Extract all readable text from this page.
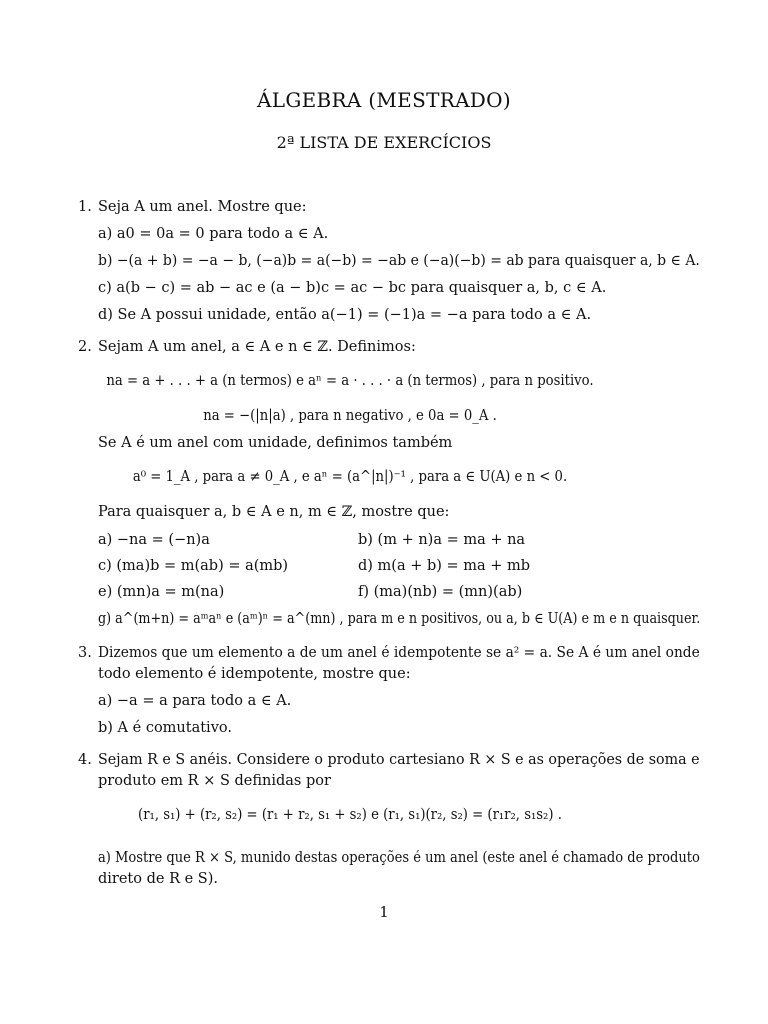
ÁLGEBRA (MESTRADO)
2ª LISTA DE EXERCÍCIOS
1. Seja A um anel. Mostre que:
a) a0 = 0a = 0 para todo a ∈ A.
b) −(a + b) = −a − b, (−a)b = a(−b) = −ab e (−a)(−b) = ab para quaisquer a, b ∈ A.
c) a(b − c) = ab − ac e (a − b)c = ac − bc para quaisquer a, b, c ∈ A.
d) Se A possui unidade, então a(−1) = (−1)a = −a para todo a ∈ A.
2. Sejam A um anel, a ∈ A e n ∈ ℤ. Definimos:
na = a + . . . + a (n termos) e aⁿ = a · . . . · a (n termos) , para n positivo.
na = −(|n|a) , para n negativo , e 0a = 0_A .
Se A é um anel com unidade, definimos também
a⁰ = 1_A , para a ≠ 0_A , e aⁿ = (a^|n|)⁻¹ , para a ∈ U(A) e n < 0.
Para quaisquer a, b ∈ A e n, m ∈ ℤ, mostre que:
a) −na = (−n)a	b) (m + n)a = ma + na
c) (ma)b = m(ab) = a(mb)	d) m(a + b) = ma + mb
e) (mn)a = m(na)	f) (ma)(nb) = (mn)(ab)
g) a^(m+n) = aᵐaⁿ e (aᵐ)ⁿ = a^(mn) , para m e n positivos, ou a, b ∈ U(A) e m e n quaisquer.
3. Dizemos que um elemento a de um anel é idempotente se a² = a. Se A é um anel onde
todo elemento é idempotente, mostre que:
a) −a = a para todo a ∈ A.
b) A é comutativo.
4. Sejam R e S anéis. Considere o produto cartesiano R × S e as operações de soma e
produto em R × S definidas por
(r₁, s₁) + (r₂, s₂) = (r₁ + r₂, s₁ + s₂) e (r₁, s₁)(r₂, s₂) = (r₁r₂, s₁s₂) .
a) Mostre que R × S, munido destas operações é um anel (este anel é chamado de produto
direto de R e S).
1
